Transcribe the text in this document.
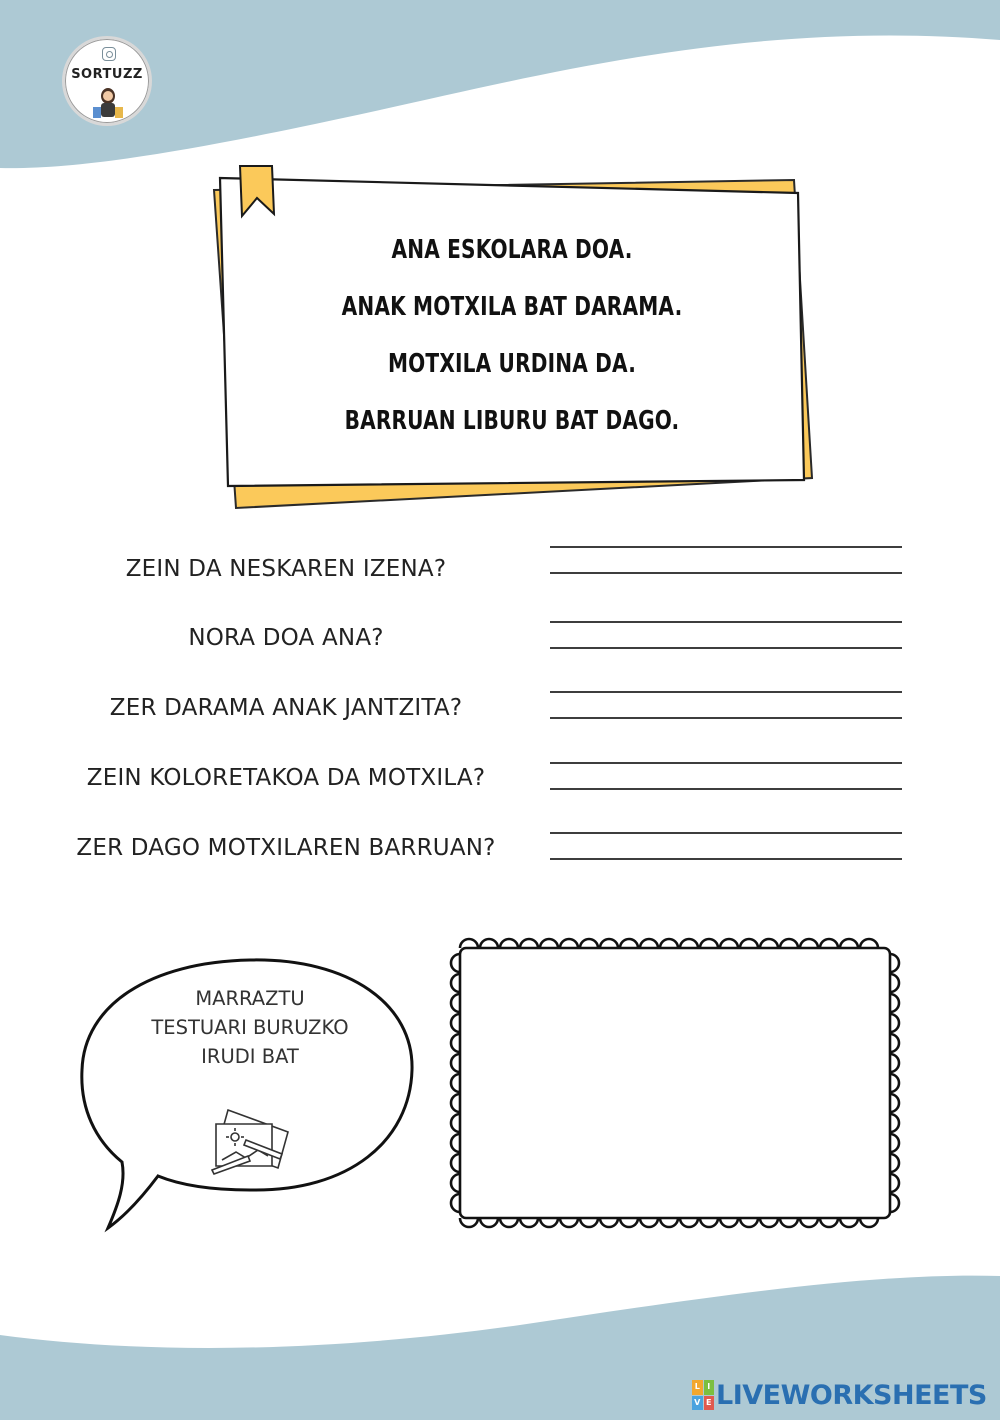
SORTUZZ
ANA ESKOLARA DOA.
ANAK MOTXILA BAT DARAMA.
MOTXILA URDINA DA.
BARRUAN LIBURU BAT DAGO.
ZEIN DA NESKAREN IZENA?
NORA DOA ANA?
ZER DARAMA ANAK JANTZITA?
ZEIN KOLORETAKOA DA MOTXILA?
ZER DAGO MOTXILAREN BARRUAN?
MARRAZTU
TESTUARI BURUZKO
IRUDI BAT
L I
V E LIVEWORKSHEETS
